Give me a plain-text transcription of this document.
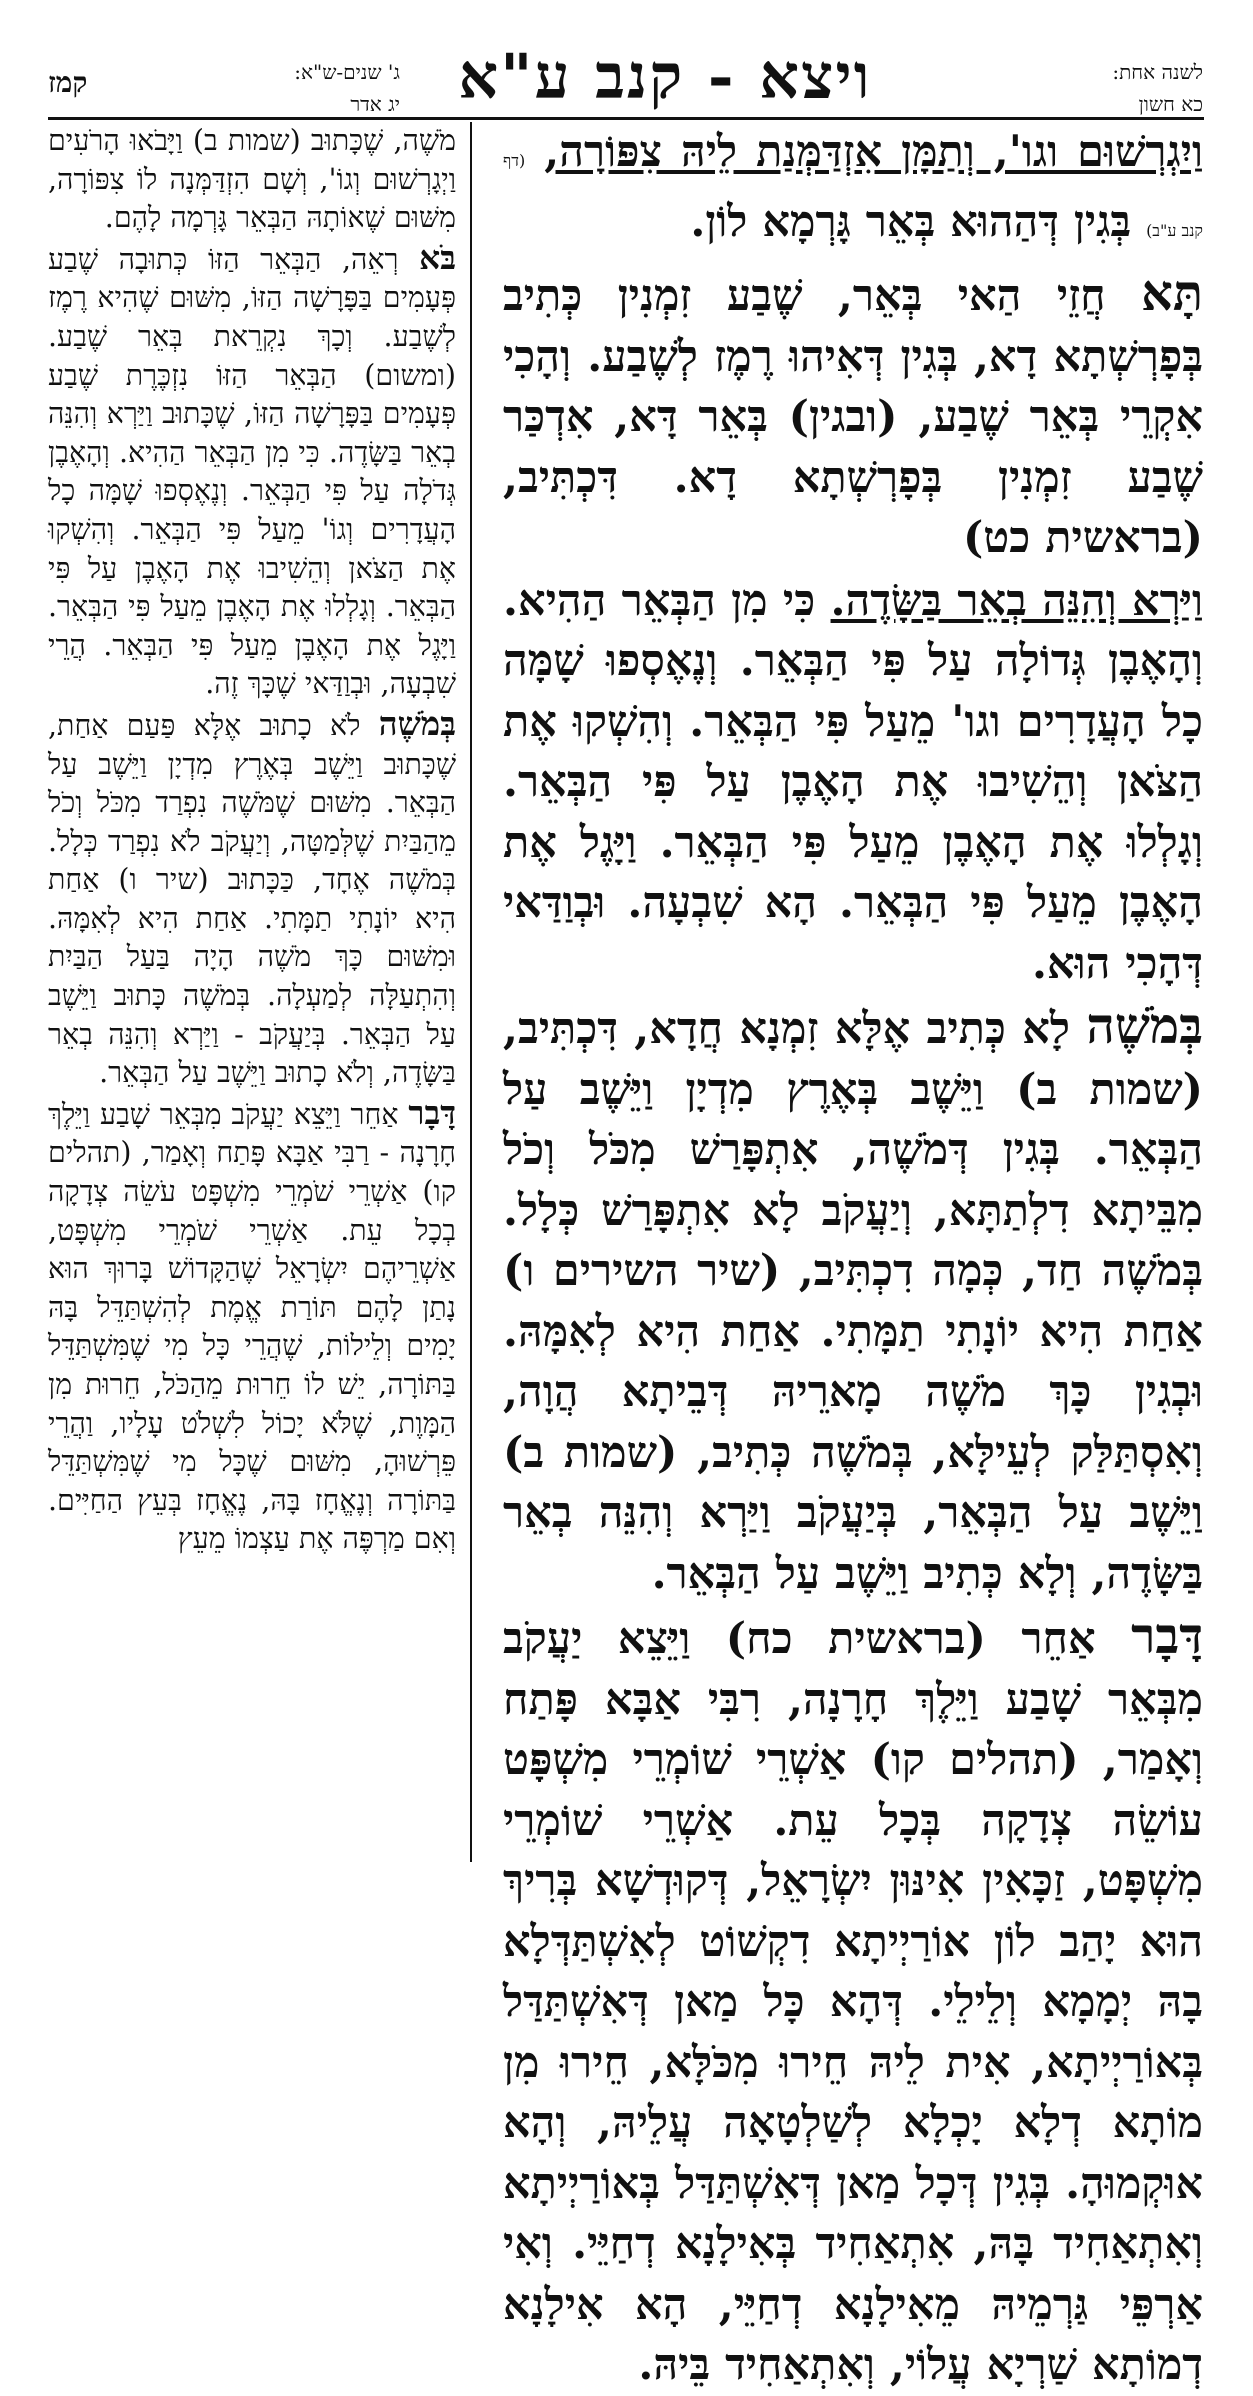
לשנה אחת:
כא חשון
ויצא - קנב ע"א
ג' שנים-ש"א:
יג אדר
קמז

וַיִגְרְשׁוּם וגו', וְתַמָּן אִזְדַּמְּנַת לֵיהּ צִפּוֹרָה, (דף קנב ע"ב) בְּגִין דְּהַהוּא בְּאֵר גָּרְמָא לוֹן.

תָּא חֲזֵי הַאי בְּאֵר, שֶׁבַע זִמְנִין כְּתִיב בְּפָרְשְׁתָא דָא, בְּגִין דְּאִיהוּ רֶמֶז לְשֶׁבַע. וְהָכִי אִקְרֵי בְּאֵר שֶׁבַע, (ובגין) בְּאֵר דָּא, אִדְכַּר שֶׁבַע זִמְנִין בְּפָרְשְׁתָא דָא. דִּכְתִּיב, (בראשית כט)

וַיַּרְא וְהִנֵּה בְאֵר בַּשָּׂדֶה. כִּי מִן הַבְּאֵר הַהִיא. וְהָאֶבֶן גְּדוֹלָה עַל פִּי הַבְּאֵר. וְנֶאֶסְפוּ שָׁמָּה כָל הָעֲדָרִים וגו' מֵעַל פִּי הַבְּאֵר. וְהִשְׁקוּ אֶת הַצֹּאן וְהֵשִׁיבוּ אֶת הָאֶבֶן עַל פִּי הַבְּאֵר. וְגָלְלוּ אֶת הָאֶבֶן מֵעַל פִּי הַבְּאֵר. וַיָּגֶל אֶת הָאֶבֶן מֵעַל פִּי הַבְּאֵר. הָא שִׁבְעָה. וּבְוַדַּאי דְּהָכִי הוּא.

בְּמֹשֶׁה לָא כְּתִיב אֶלָּא זִמְנָא חֲדָא, דִּכְתִּיב, (שמות ב) וַיֵּשֶׁב בְּאֶרֶץ מִדְיָן וַיֵּשֶׁב עַל הַבְּאֵר. בְּגִין דְּמֹשֶׁה, אִתְפָּרַשׁ מִכֹּל וְכֹל מִבֵּיתָא דִלְתַתָּא, וְיַעֲקֹב לָא אִתְפָּרַשׁ כְּלָל. בְּמֹשֶׁה חַד, כְּמָה דִכְתִּיב, (שיר השירים ו) אַחַת הִיא יוֹנָתִי תַמָּתִי. אַחַת הִיא לְאִמָּהּ. וּבְגִין כָּךְ מֹשֶׁה מָארֵיהּ דְּבֵיתָא הֲוָה, וְאִסְתַּלַּק לְעֵילָּא, בְּמֹשֶׁה כְּתִיב, (שמות ב) וַיֵּשֶׁב עַל הַבְּאֵר, בְּיַעֲקֹב וַיַּרְא וְהִנֵּה בְאֵר בַּשָּׂדֶה, וְלָא כְּתִיב וַיֵּשֶׁב עַל הַבְּאֵר.

דָּבָר אַחֵר (בראשית כח) וַיֵּצֵא יַעֲקֹב מִבְּאֵר שָׁבַע וַיֵּלֶךְ חָרָנָה, רִבִּי אַבָּא פָּתַח וְאָמַר, (תהלים קו) אַשְׁרֵי שׁוֹמְרֵי מִשְׁפָּט עוֹשֵׂה צְדָקָה בְּכָל עֵת. אַשְׁרֵי שׁוֹמְרֵי מִשְׁפָּט, זַכָּאִין אִינּוּן יִשְׂרָאֵל, דְּקוּדְשָׁא בְּרִיךְ הוּא יָהַב לוֹן אוֹרַיְיתָא דִקְשׁוֹט לְאִשְׁתַּדְּלָא בָהּ יְמָמָא וְלֵילֵי. דְּהָא כָּל מַאן דְּאִשְׁתַּדַּל בְּאוֹרַיְיתָא, אִית לֵיהּ חֵירוּ מִכֹּלָּא, חֵירוּ מִן מוֹתָא דְלָא יָכְלָא לְשַׁלְטָאָה עֲלֵיהּ, וְהָא אוּקְמוּהָ. בְּגִין דְּכָל מַאן דְּאִשְׁתַּדַּל בְּאוֹרַיְיתָא וְאִתְאַחִיד בָּהּ, אִתְאַחִיד בְּאִילָנָא דְחַיֵּי. וְאִי אַרְפֵּי גַּרְמֵיהּ מֵאִילָנָא דְחַיֵּי, הָא אִילָנָא דְמוֹתָא שַׁרְיָא עֲלוֹי, וְאִתְאַחִיד בֵּיהּ.

מֹשֶׁה, שֶׁכָּתוּב (שמות ב) וַיָּבֹאוּ הָרֹעִים וַיְגָרְשׁוּם וְגוֹ', וְשָׁם הִזְדַּמְּנָה לוֹ צִפּוֹרָה, מִשּׁוּם שֶׁאוֹתָהּ הַבְּאֵר גָּרְמָה לָהֶם.

בֹּא רְאֵה, הַבְּאֵר הַזּוֹ כְּתוּבָה שֶׁבַע פְּעָמִים בַּפָּרָשָׁה הַזּוֹ, מִשּׁוּם שֶׁהִיא רֶמֶז לְשֶׁבַע. וְכָךְ נִקְרֵאת בְּאֵר שֶׁבַע. (ומשום) הַבְּאֵר הַזּוֹ נִזְכֶּרֶת שֶׁבַע פְּעָמִים בַּפָּרָשָׁה הַזּוֹ, שֶׁכָּתוּב וַיַּרְא וְהִנֵּה בְאֵר בַּשָּׂדֶה. כִּי מִן הַבְּאֵר הַהִיא. וְהָאֶבֶן גְּדֹלָה עַל פִּי הַבְּאֵר. וְנֶאֶסְפוּ שָׁמָּה כָל הָעֲדָרִים וְגוֹ' מֵעַל פִּי הַבְּאֵר. וְהִשְׁקוּ אֶת הַצֹּאן וְהֵשִׁיבוּ אֶת הָאֶבֶן עַל פִּי הַבְּאֵר. וְגָלְלוּ אֶת הָאֶבֶן מֵעַל פִּי הַבְּאֵר. וַיָּגֶל אֶת הָאֶבֶן מֵעַל פִּי הַבְּאֵר. הֲרֵי שִׁבְעָה, וּבְוַדַּאי שֶׁכָּךְ זֶה.

בְּמֹשֶׁה לֹא כָתוּב אֶלָּא פַּעַם אַחַת, שֶׁכָּתוּב וַיֵּשֶׁב בְּאֶרֶץ מִדְיָן וַיֵּשֶׁב עַל הַבְּאֵר. מִשּׁוּם שֶׁמֹּשֶׁה נִפְרַד מִכֹּל וְכֹל מֵהַבַּיִת שֶׁלְּמַטָּה, וְיַעֲקֹב לֹא נִפְרַד כְּלָל. בְּמֹשֶׁה אֶחָד, כַּכָּתוּב (שיר ו) אַחַת הִיא יוֹנָתִי תַמָּתִי. אַחַת הִיא לְאִמָּהּ. וּמִשּׁוּם כָּךְ מֹשֶׁה הָיָה בַּעַל הַבַּיִת וְהִתְעַלָּה לְמַעְלָה. בְּמֹשֶׁה כָּתוּב וַיֵּשֶׁב עַל הַבְּאֵר. בְּיַעֲקֹב - וַיַּרְא וְהִנֵּה בְאֵר בַּשָּׂדֶה, וְלֹא כָתוּב וַיֵּשֶׁב עַל הַבְּאֵר.

דָּבָר אַחֵר וַיֵּצֵא יַעֲקֹב מִבְּאֵר שָׁבַע וַיֵּלֶךְ חָרָנָה - רַבִּי אַבָּא פָּתַח וְאָמַר, (תהלים קו) אַשְׁרֵי שֹׁמְרֵי מִשְׁפָּט עֹשֵׂה צְדָקָה בְכָל עֵת. אַשְׁרֵי שֹׁמְרֵי מִשְׁפָּט, אַשְׁרֵיהֶם יִשְׂרָאֵל שֶׁהַקָּדוֹשׁ בָּרוּךְ הוּא נָתַן לָהֶם תּוֹרַת אֱמֶת לְהִשְׁתַּדֵּל בָּהּ יָמִים וְלֵילוֹת, שֶׁהֲרֵי כָּל מִי שֶׁמִּשְׁתַּדֵּל בַּתּוֹרָה, יֵשׁ לוֹ חֵרוּת מֵהַכֹּל, חֵרוּת מִן הַמָּוֶת, שֶׁלֹּא יָכוֹל לִשְׁלֹט עָלָיו, וַהֲרֵי פֵּרְשׁוּהָ, מִשּׁוּם שֶׁכָּל מִי שֶׁמִּשְׁתַּדֵּל בַּתּוֹרָה וְנֶאֱחָז בָּהּ, נֶאֱחָז בְּעֵץ הַחַיִּים. וְאִם מַרְפֶּה אֶת עַצְמוֹ מֵעֵץ
